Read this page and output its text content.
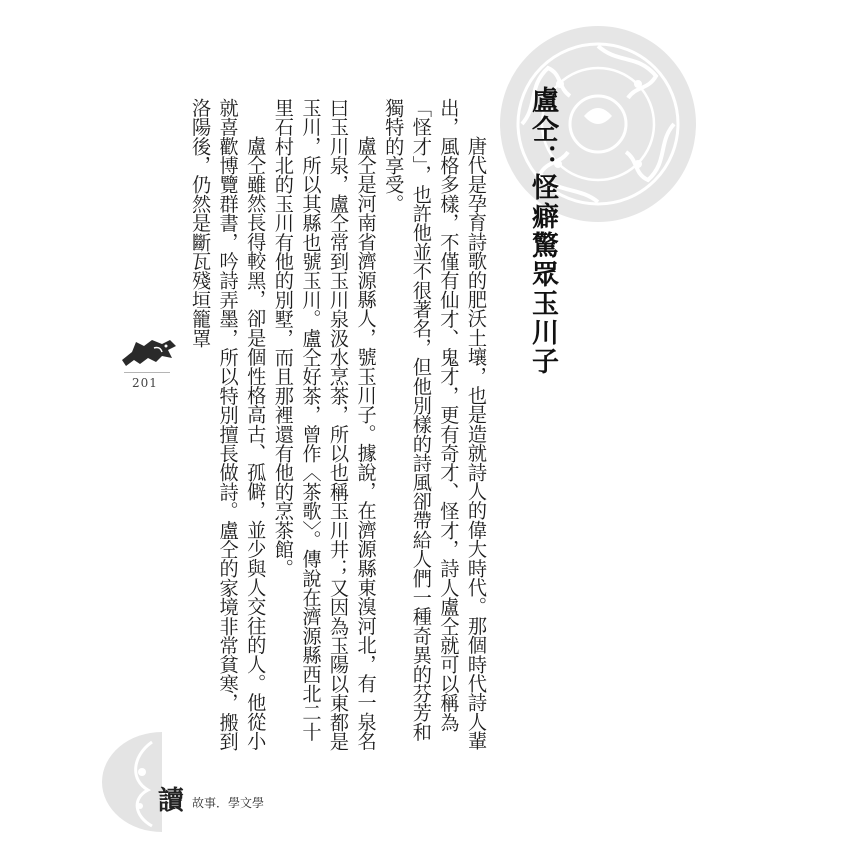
盧仝：怪癖驚眾玉川子

唐代是孕育詩歌的肥沃土壤，也是造就詩人的偉大時代。那個時代詩人輩出，風格多樣，不僅有仙才、鬼才，更有奇才、怪才，詩人盧仝就可以稱為「怪才」，也許他並不很著名，但他別樣的詩風卻帶給人們一種奇異的芬芳和獨特的享受。

盧仝是河南省濟源縣人，號玉川子。據說，在濟源縣東溴河北，有一泉名曰玉川泉，盧仝常到玉川泉汲水烹茶，所以也稱玉川井；又因為玉陽以東都是玉川，所以其縣也號玉川。盧仝好茶，曾作〈茶歌〉。傳說在濟源縣西北二十里石村北的玉川有他的別墅，而且那裡還有他的烹茶館。

盧仝雖然長得較黑，卻是個性格高古、孤僻，並少與人交往的人。他從小就喜歡博覽群書，吟詩弄墨，所以特別擅長做詩。盧仝的家境非常貧寒，搬到洛陽後，仍然是斷瓦殘垣籠罩

201
讀 故事．學文學
